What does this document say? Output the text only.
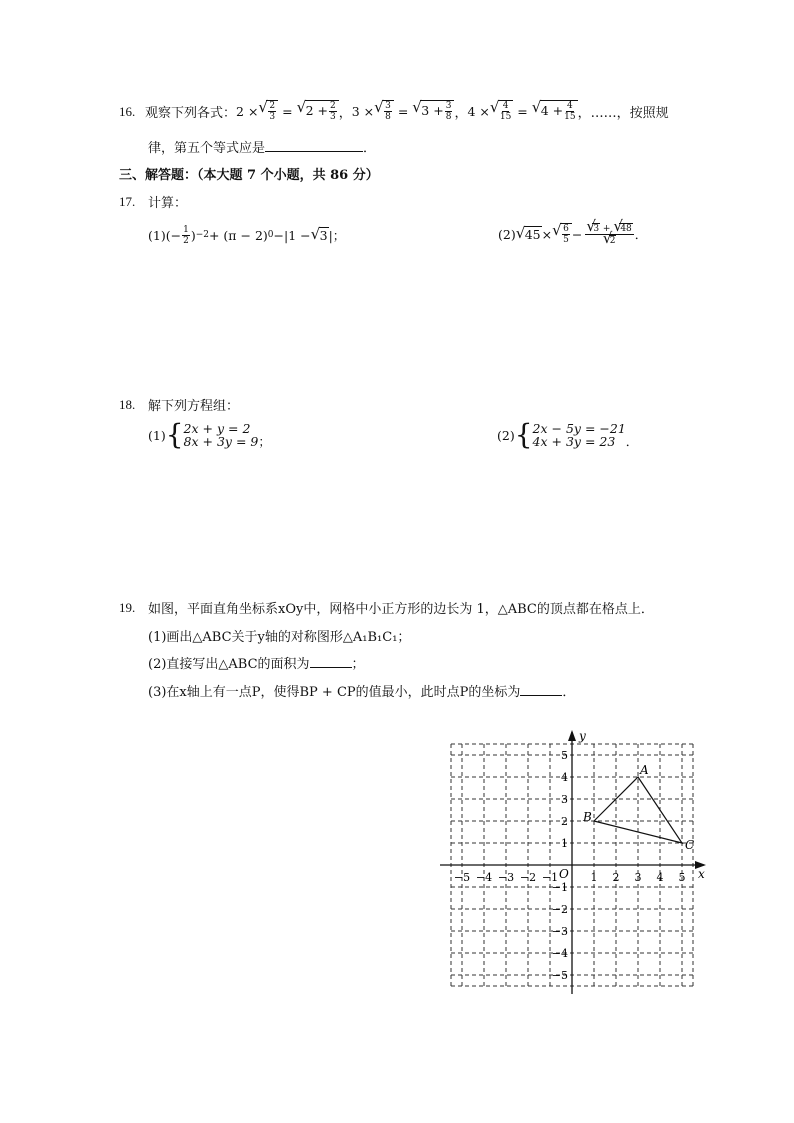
16. 观察下列各式： 2 × √ $\frac{2}{3}$ = √ $2 + \frac{2}{3}$ ， 3 × √ $\frac{3}{8}$ = √ $3 + \frac{3}{8}$ ， 4 × √ $\frac{4}{15}$ = √ $4 + \frac{4}{15}$ ， ……，按照规
律，第五个等式应是	．
三、解答题：（本大题 7 个小题，共 86 分）
17. 计算：
(1) (− $\frac{1}{2}$ ) −2 + (π − 2) 0 −|1 − √ 3 |；	(2) √ 45 × √ $\frac{6}{5}$ − √ 3 + √ 48
√ 2 ．
18. 解下列方程组：
(1) { 2x + y = 2
8x + 3y = 9 ；	(2) { 2x − 5y = −21
4x + 3y = 23 ．
19. 如图，平面直角坐标系xOy中，网格中小正方形的边长为 1，△ABC的顶点都在格点上．
(1)画出△ABC关于y轴的对称图形△A₁B₁C₁；
(2)直接写出△ABC的面积为	；
(3)在x轴上有一点P，使得BP + CP的值最小，此时点P的坐标为	．
x
y
O
−5 −4 −3 −2 −1	1 2 3 4 5
5
4
3
2
1
−1
−2
−3
−4
−5
A
B
C
